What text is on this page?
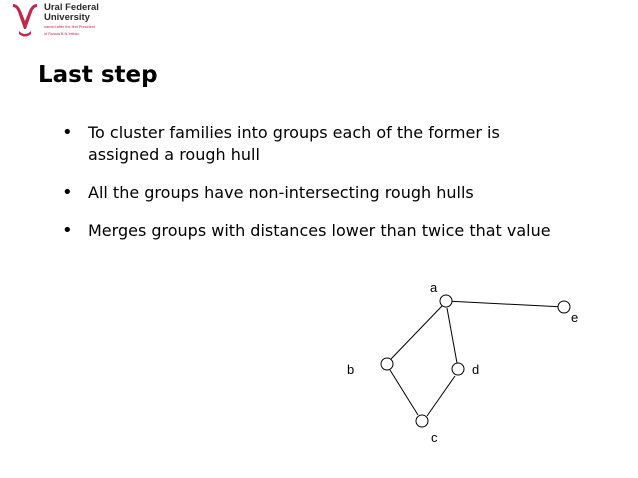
Ural Federal
University
named after the first President
of Russia B.N.Yeltsin
Last step
• To cluster families into groups each of the former is assigned a rough hull
• All the groups have non-intersecting rough hulls
• Merges groups with distances lower than twice that value
a
b
c
d
e
